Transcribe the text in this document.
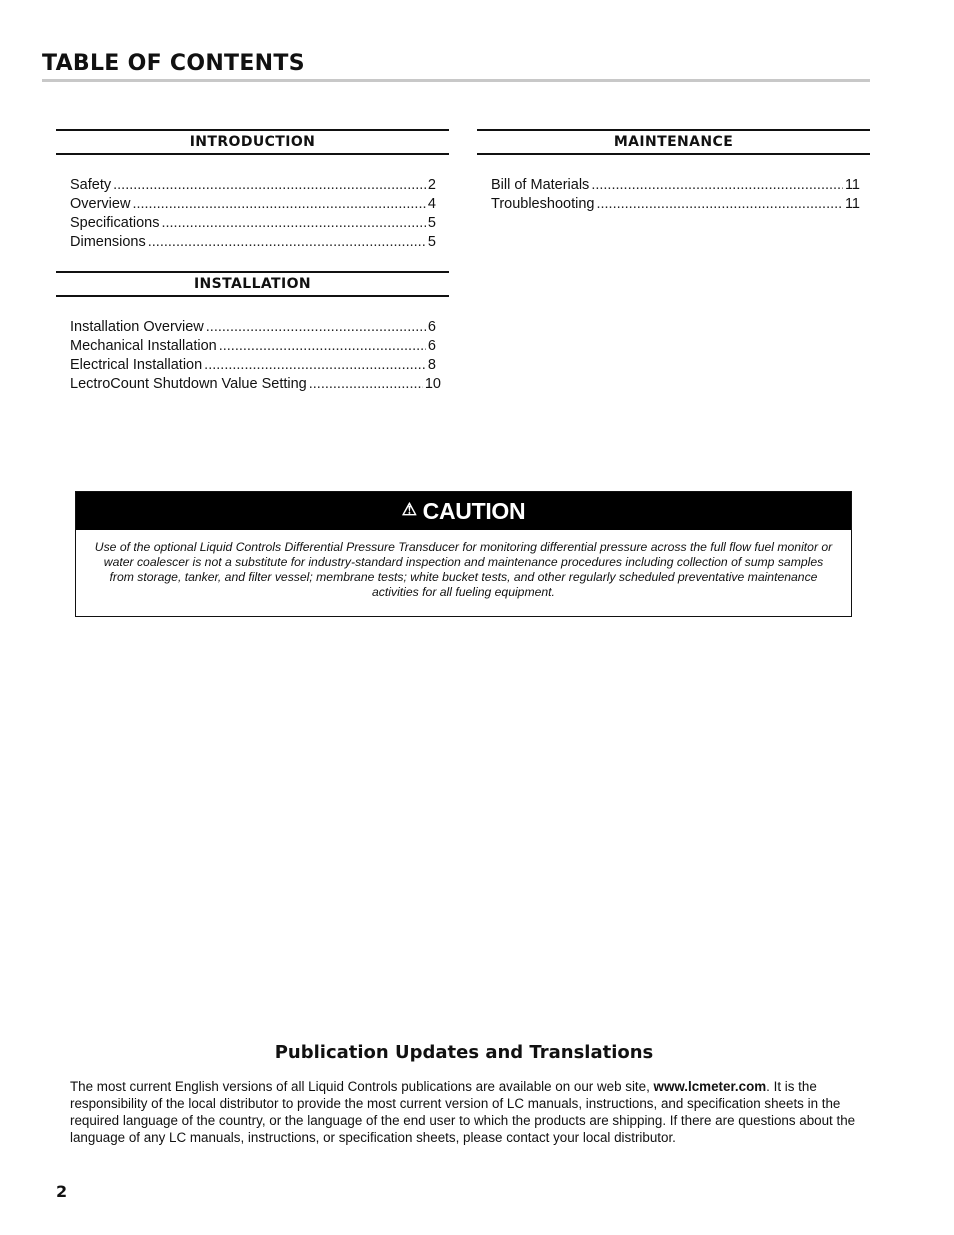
TABLE OF CONTENTS
INTRODUCTION
Safety .....	2
Overview .....	4
Specifications .....	5
Dimensions .....	5
INSTALLATION
Installation Overview .....	6
Mechanical Installation .....	6
Electrical Installation .....	8
LectroCount Shutdown Value Setting .....	10
MAINTENANCE
Bill of Materials .....	11
Troubleshooting .....	11
⚠ CAUTION

Use of the optional Liquid Controls Differential Pressure Transducer for monitoring differential pressure across the full flow fuel monitor or water coalescer is not a substitute for industry-standard inspection and maintenance procedures including collection of sump samples from storage, tanker, and filter vessel; membrane tests; white bucket tests, and other regularly scheduled preventative maintenance activities for all fueling equipment.

Publication Updates and Translations

The most current English versions of all Liquid Controls publications are available on our web site, www.lcmeter.com. It is the responsibility of the local distributor to provide the most current version of LC manuals, instructions, and specification sheets in the required language of the country, or the language of the end user to which the products are shipping. If there are questions about the language of any LC manuals, instructions, or specification sheets, please contact your local distributor.

2
